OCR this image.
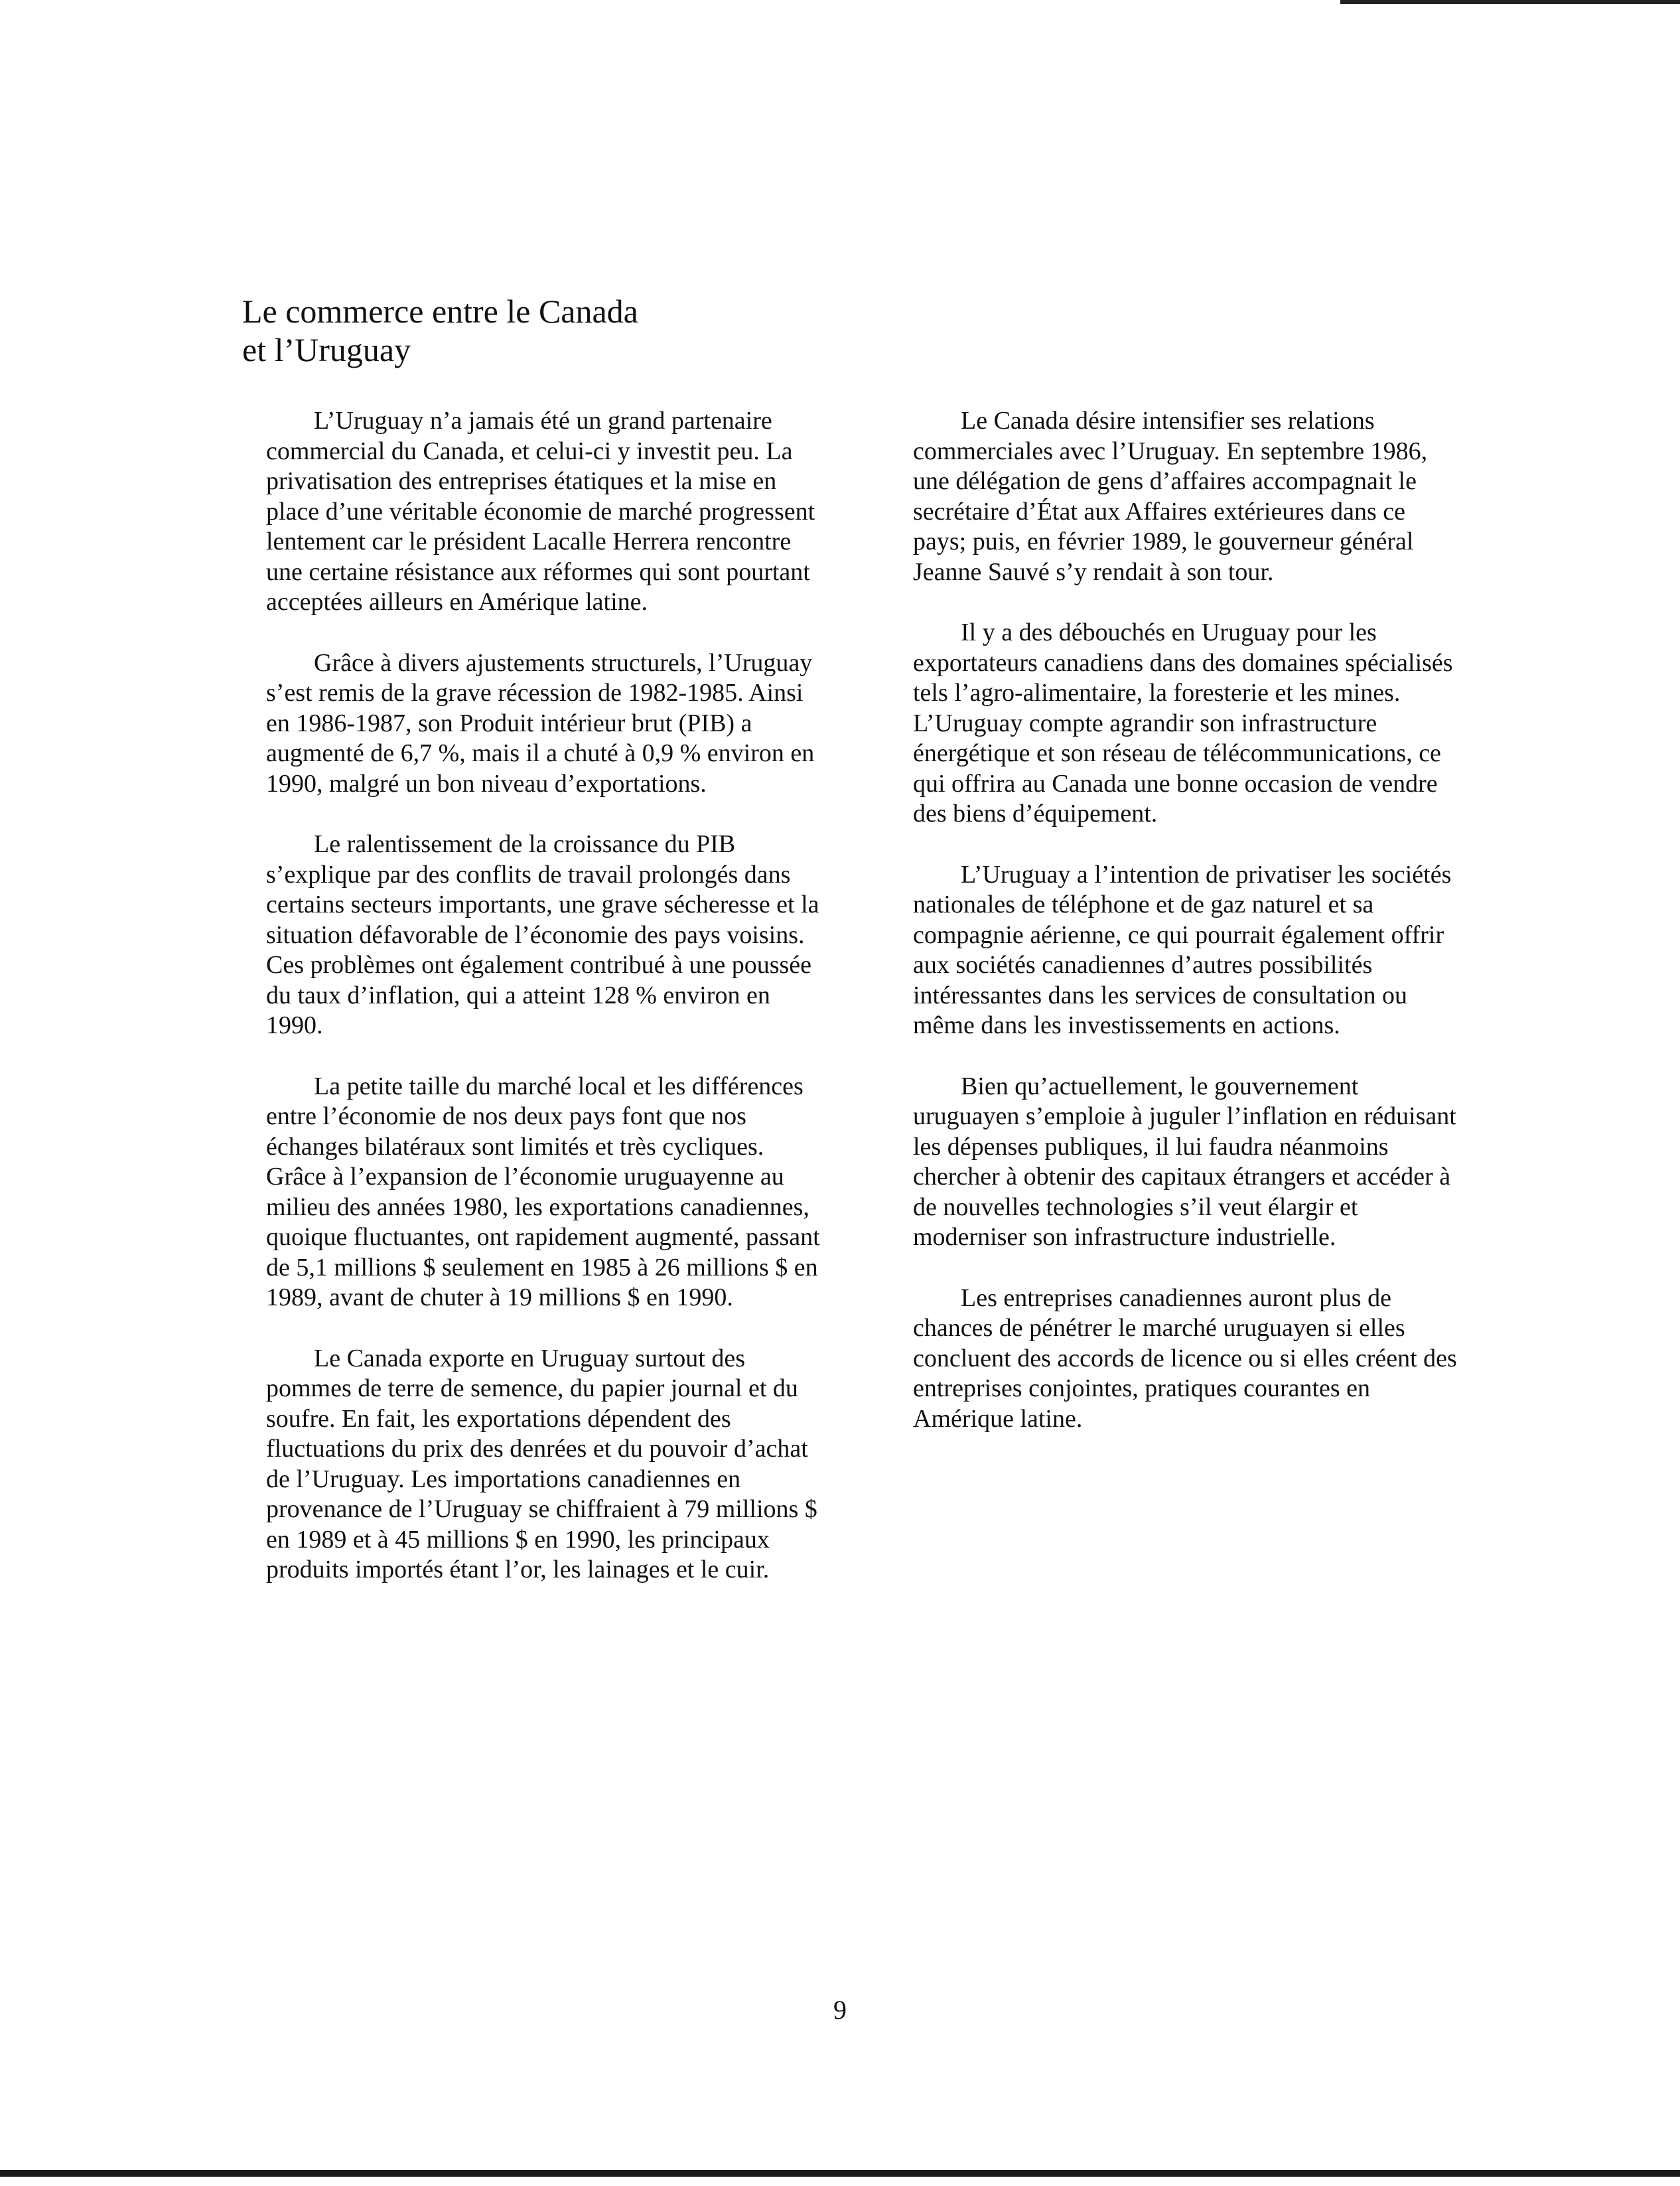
Le commerce entre le Canada
et l’Uruguay

L’Uruguay n’a jamais été un grand partenaire commercial du Canada, et celui-ci y investit peu. La privatisation des entreprises étatiques et la mise en place d’une véritable économie de marché progressent lentement car le président Lacalle Herrera rencontre une certaine résistance aux réformes qui sont pourtant acceptées ailleurs en Amérique latine.

Grâce à divers ajustements structurels, l’Uruguay s’est remis de la grave récession de 1982-1985. Ainsi en 1986-1987, son Produit intérieur brut (PIB) a augmenté de 6,7 %, mais il a chuté à 0,9 % environ en 1990, malgré un bon niveau d’exportations.

Le ralentissement de la croissance du PIB s’explique par des conflits de travail prolongés dans certains secteurs importants, une grave sécheresse et la situation défavorable de l’économie des pays voisins. Ces problèmes ont également contribué à une poussée du taux d’inflation, qui a atteint 128 % environ en 1990.

La petite taille du marché local et les différences entre l’économie de nos deux pays font que nos échanges bilatéraux sont limités et très cycliques. Grâce à l’expansion de l’économie uruguayenne au milieu des années 1980, les exportations canadiennes, quoique fluctuantes, ont rapidement augmenté, passant de 5,1 millions $ seulement en 1985 à 26 millions $ en 1989, avant de chuter à 19 millions $ en 1990.

Le Canada exporte en Uruguay surtout des pommes de terre de semence, du papier journal et du soufre. En fait, les exportations dépendent des fluctuations du prix des denrées et du pouvoir d’achat de l’Uruguay. Les importations canadiennes en provenance de l’Uruguay se chiffraient à 79 millions $ en 1989 et à 45 millions $ en 1990, les principaux produits importés étant l’or, les lainages et le cuir.

Le Canada désire intensifier ses relations commerciales avec l’Uruguay. En septembre 1986, une délégation de gens d’affaires accompagnait le secrétaire d’État aux Affaires extérieures dans ce pays; puis, en février 1989, le gouverneur général Jeanne Sauvé s’y rendait à son tour.

Il y a des débouchés en Uruguay pour les exportateurs canadiens dans des domaines spécialisés tels l’agro-alimentaire, la foresterie et les mines. L’Uruguay compte agrandir son infrastructure énergétique et son réseau de télécommunications, ce qui offrira au Canada une bonne occasion de vendre des biens d’équipement.

L’Uruguay a l’intention de privatiser les sociétés nationales de téléphone et de gaz naturel et sa compagnie aérienne, ce qui pourrait également offrir aux sociétés canadiennes d’autres possibilités intéressantes dans les services de consultation ou même dans les investissements en actions.

Bien qu’actuellement, le gouvernement uruguayen s’emploie à juguler l’inflation en réduisant les dépenses publiques, il lui faudra néanmoins chercher à obtenir des capitaux étrangers et accéder à de nouvelles technologies s’il veut élargir et moderniser son infrastructure industrielle.

Les entreprises canadiennes auront plus de chances de pénétrer le marché uruguayen si elles concluent des accords de licence ou si elles créent des entreprises conjointes, pratiques courantes en Amérique latine.

9
